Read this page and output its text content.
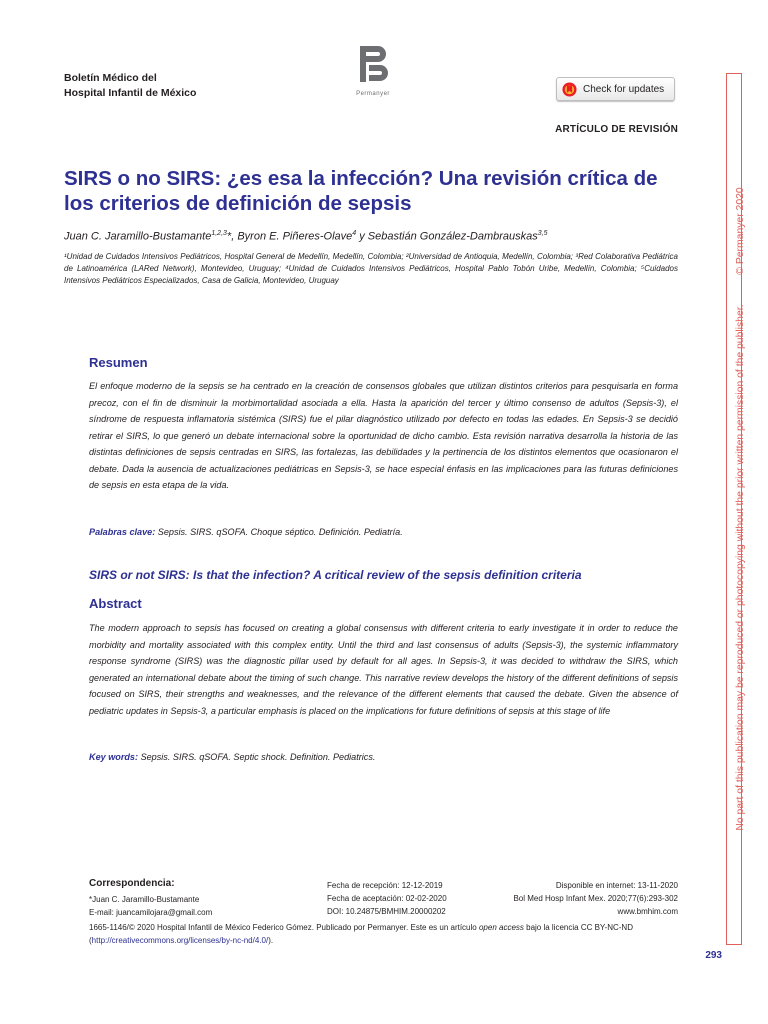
Boletín Médico del
Hospital Infantil de México	Permanyer	Check for updates
ARTÍCULO DE REVISIÓN
SIRS o no SIRS: ¿es esa la infección? Una revisión crítica de
los criterios de definición de sepsis
Juan C. Jaramillo-Bustamante$^{1,2,3}$*, Byron E. Piñeres-Olave$^4$ y Sebastián González-Dambrauskas$^{3,5}$
¹Unidad de Cuidados Intensivos Pediátricos, Hospital General de Medellín, Medellín, Colombia; ²Universidad de Antioquia, Medellín, Colombia; ³Red Colaborativa Pediátrica de Latinoamérica (LARed Network), Montevideo, Uruguay; ⁴Unidad de Cuidados Intensivos Pediátricos, Hospital Pablo Tobón Uribe, Medellín, Colombia; ⁵Cuidados Intensivos Pediátricos Especializados, Casa de Galicia, Montevideo, Uruguay
Resumen
El enfoque moderno de la sepsis se ha centrado en la creación de consensos globales que utilizan distintos criterios para pesquisarla en forma precoz, con el fin de disminuir la morbimortalidad asociada a ella. Hasta la aparición del tercer y último consenso de adultos (Sepsis-3), el síndrome de respuesta inflamatoria sistémica (SIRS) fue el pilar diagnóstico utilizado por defecto en todas las edades. En Sepsis-3 se decidió retirar el SIRS, lo que generó un debate internacional sobre la oportunidad de dicho cambio. Esta revisión narrativa desarrolla la historia de las distintas definiciones de sepsis centradas en SIRS, las fortalezas, las debilidades y la pertinencia de los distintos elementos que ocasionaron el debate. Dada la ausencia de actualizaciones pediátricas en Sepsis-3, se hace especial énfasis en las implicaciones para las futuras definiciones de sepsis en esta etapa de la vida.
Palabras clave: Sepsis. SIRS. qSOFA. Choque séptico. Definición. Pediatría.
SIRS or not SIRS: Is that the infection? A critical review of the sepsis definition criteria
Abstract
The modern approach to sepsis has focused on creating a global consensus with different criteria to early investigate it in order to reduce the morbidity and mortality associated with this complex entity. Until the third and last consensus of adults (Sepsis-3), the systemic inflammatory response syndrome (SIRS) was the diagnostic pillar used by default for all ages. In Sepsis-3, it was decided to withdraw the SIRS, which generated an international debate about the timing of such change. This narrative review develops the history of the different definitions of sepsis focused on SIRS, their strengths and weaknesses, and the relevance of the different elements that caused the debate. Given the absence of pediatric updates in Sepsis-3, a particular emphasis is placed on the implications for future definitions of sepsis at this stage of life
Key words: Sepsis. SIRS. qSOFA. Septic shock. Definition. Pediatrics.
Correspondencia:
*Juan C. Jaramillo-Bustamante
E-mail: juancamilojara@gmail.com
Fecha de recepción: 12-12-2019
Fecha de aceptación: 02-02-2020
DOI: 10.24875/BMHIM.20000202
Disponible en internet: 13-11-2020
Bol Med Hosp Infant Mex. 2020;77(6):293-302
www.bmhim.com
1665-1146/© 2020 Hospital Infantil de México Federico Gómez. Publicado por Permanyer. Este es un artículo open access bajo la licencia CC BY-NC-ND
(http://creativecommons.org/licenses/by-nc-nd/4.0/).
293
No part of this publication may be reproduced or photocopying without the prior written permission of the publisher.  © Permanyer 2020
